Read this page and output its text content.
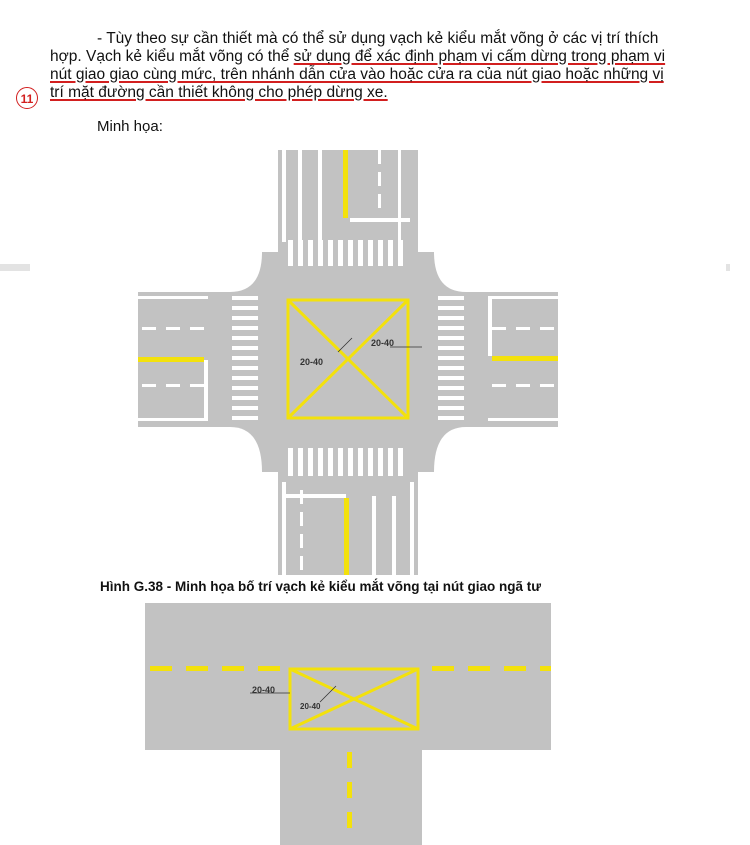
- Tùy theo sự cần thiết mà có thể sử dụng vạch kẻ kiểu mắt võng ở các vị trí thích
hợp. Vạch kẻ kiểu mắt võng có thể sử dụng để xác định phạm vi cấm dừng trong phạm vi
nút giao giao cùng mức, trên nhánh dẫn cửa vào hoặc cửa ra của nút giao hoặc những vị
trí mặt đường cần thiết không cho phép dừng xe.
11
Minh họa:
20-40
20-40
Hình G.38 - Minh họa bố trí vạch kẻ kiểu mắt võng tại nút giao ngã tư
20-40
20-40
